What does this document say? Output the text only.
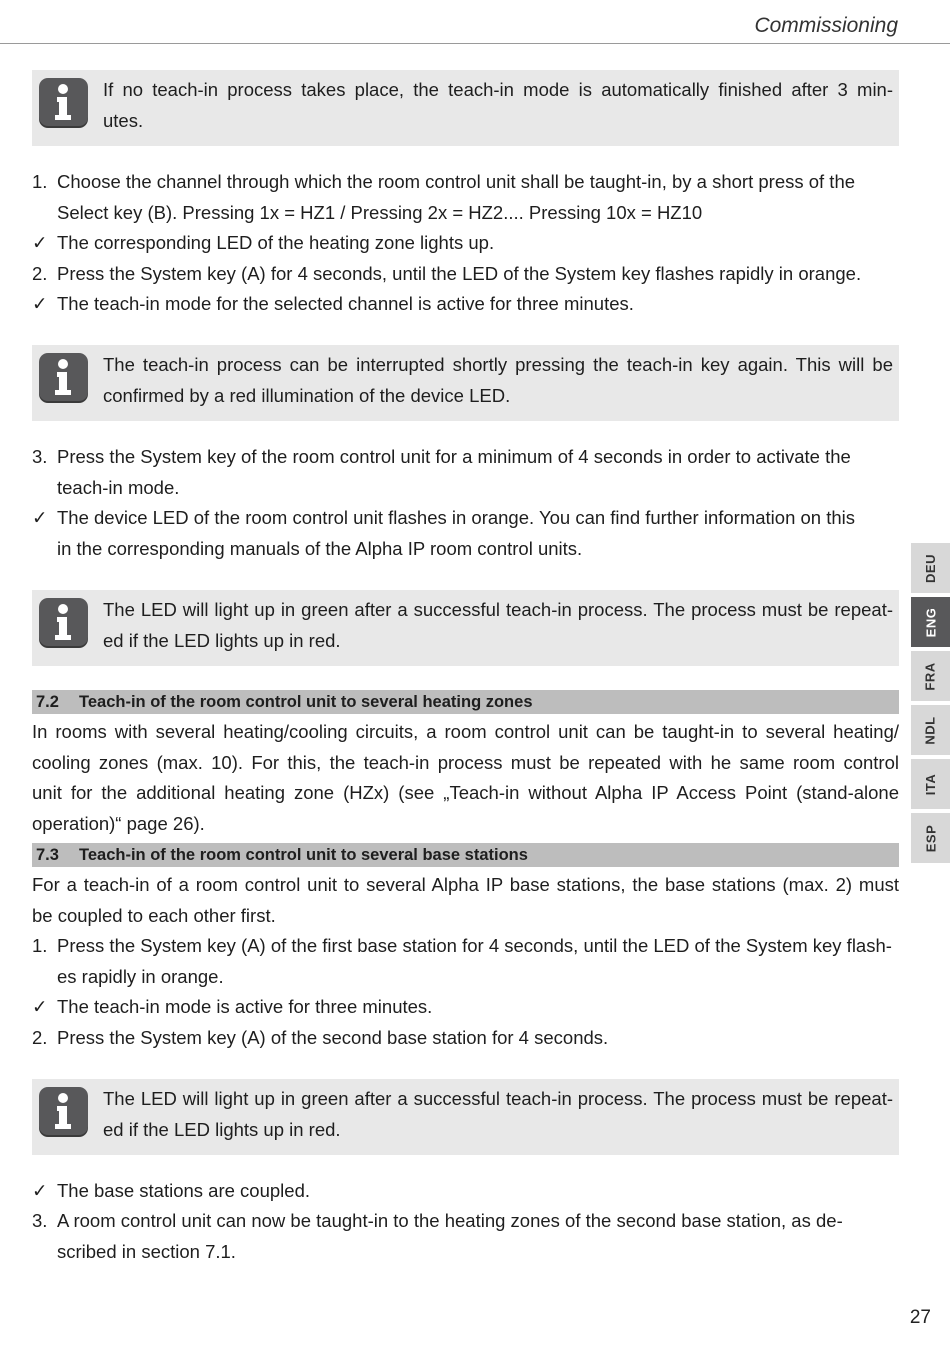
Commissioning
If no teach-in process takes place, the teach-in mode is automatically finished after 3 min-
utes.
1. Choose the channel through which the room control unit shall be taught-in, by a short press of the
Select key (B). Pressing 1x = HZ1 / Pressing 2x = HZ2.... Pressing 10x = HZ10
✓ The corresponding LED of the heating zone lights up.
2. Press the System key (A) for 4 seconds, until the LED of the System key flashes rapidly in orange.
✓ The teach-in mode for the selected channel is active for three minutes.
The teach-in process can be interrupted shortly pressing the teach-in key again. This will be
confirmed by a red illumination of the device LED.
3. Press the System key of the room control unit for a minimum of 4 seconds in order to activate the
teach-in mode.
✓ The device LED of the room control unit flashes in orange. You can find further information on this
in the corresponding manuals of the Alpha IP room control units.
The LED will light up in green after a successful teach-in process. The process must be repeat-
ed if the LED lights up in red.
7.2 Teach-in of the room control unit to several heating zones
In rooms with several heating/cooling circuits, a room control unit can be taught-in to several heating/
cooling zones (max. 10). For this, the teach-in process must be repeated with he same room control
unit for the additional heating zone (HZx) (see „Teach-in without Alpha IP Access Point (stand-alone
operation)“ page 26).
7.3 Teach-in of the room control unit to several base stations
For a teach-in of a room control unit to several Alpha IP base stations, the base stations (max. 2) must
be coupled to each other first.
1. Press the System key (A) of the first base station for 4 seconds, until the LED of the System key flash-
es rapidly in orange.
✓ The teach-in mode is active for three minutes.
2. Press the System key (A) of the second base station for 4 seconds.
The LED will light up in green after a successful teach-in process. The process must be repeat-
ed if the LED lights up in red.
✓ The base stations are coupled.
3. A room control unit can now be taught-in to the heating zones of the second base station, as de-
scribed in section 7.1.
DEU
ENG
FRA
NDL
ITA
ESP
27
